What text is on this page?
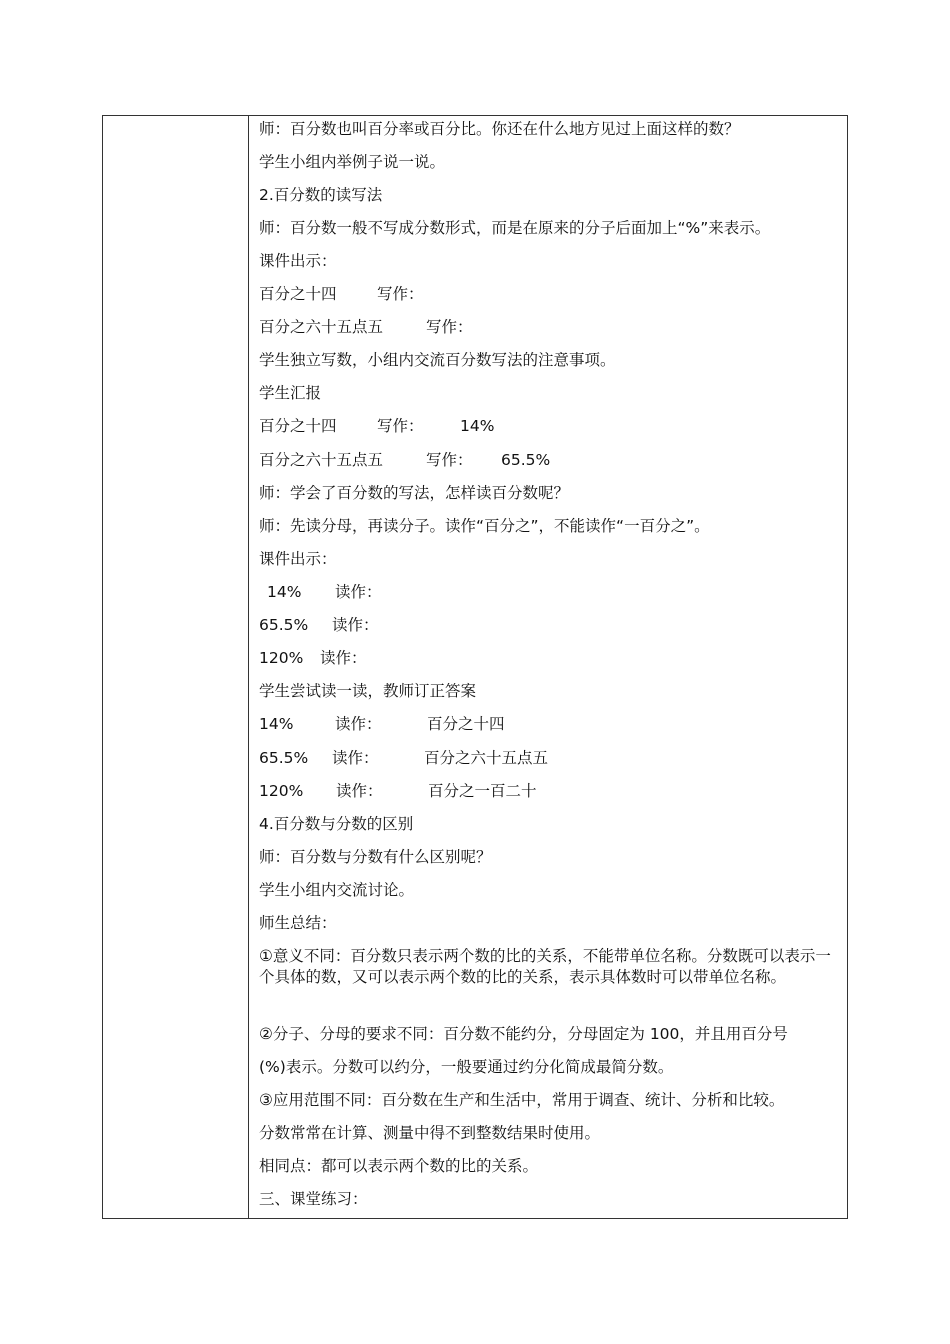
师：百分数也叫百分率或百分比。你还在什么地方见过上面这样的数？
学生小组内举例子说一说。
2.百分数的读写法
师：百分数一般不写成分数形式，而是在原来的分子后面加上“%”来表示。
课件出示：
百分之十四	写作：
百分之六十五点五	写作：
学生独立写数，小组内交流百分数写法的注意事项。
学生汇报
百分之十四	写作： 14%
百分之六十五点五	写作： 65.5%
师：学会了百分数的写法，怎样读百分数呢？
师：先读分母，再读分子。读作“百分之”，不能读作“一百分之”。
课件出示：
14% 读作：
65.5% 读作：
120% 读作：
学生尝试读一读，教师订正答案
14%	读作：	百分之十四
65.5% 读作：	百分之六十五点五
120% 读作：	百分之一百二十
4.百分数与分数的区别
师：百分数与分数有什么区别呢？
学生小组内交流讨论。
师生总结：
①意义不同：百分数只表示两个数的比的关系，不能带单位名称。分数既可以表示一个具体的数，又可以表示两个数的比的关系，表示具体数时可以带单位名称。
②分子、分母的要求不同：百分数不能约分，分母固定为 100，并且用百分号
(%)表示。分数可以约分，一般要通过约分化简成最简分数。
③应用范围不同：百分数在生产和生活中，常用于调查、统计、分析和比较。
分数常常在计算、测量中得不到整数结果时使用。
相同点：都可以表示两个数的比的关系。
三、课堂练习：
